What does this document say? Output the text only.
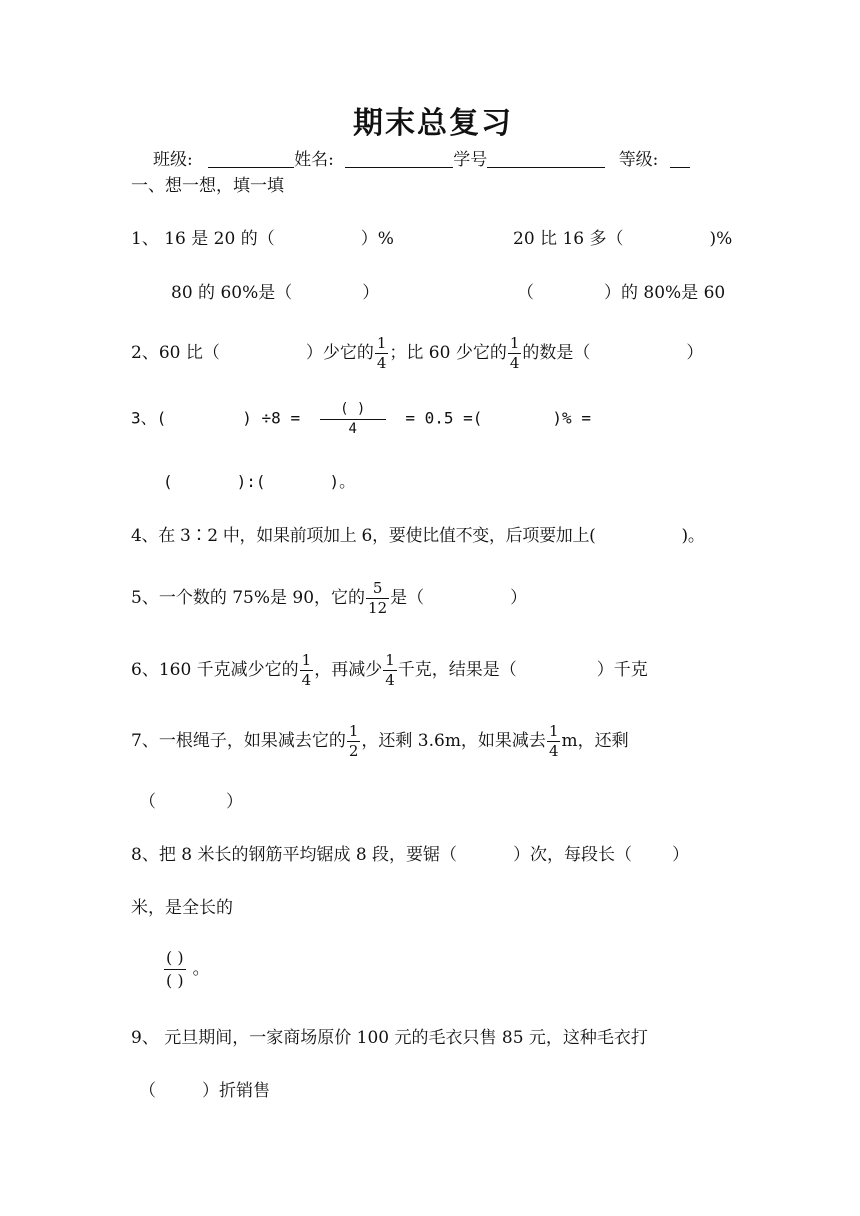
期末总复习
班级:	姓名:	学号	等级:
一、想一想，填一填
1、 16 是 20 的（	）%	20 比 16 多（	)%
80 的 60%是（	）	（	）的 80%是 60
2、60 比（	）少它的 $\frac{1}{4}$ ；比 60 少它的 $\frac{1}{4}$ 的数是（	）
3、(	) $\div 8 = \frac{( )}{4} = 0.5$ =(	)% =
(	):(	)。
4、在 3∶2 中，如果前项加上 6，要使比值不变，后项要加上(	)。
5、一个数的 75%是 90，它的 $\frac{5}{12}$ 是（	）
6、160 千克减少它的 $\frac{1}{4}$ ，再减少 $\frac{1}{4}$ 千克，结果是（	）千克
7、一根绳子，如果减去它的 $\frac{1}{2}$ ，还剩 3.6m，如果减去 $\frac{1}{4}$ m，还剩
（	）
8、把 8 米长的钢筋平均锯成 8 段，要锯（	）次，每段长（ ）
米，是全长的
$\frac{( )}{( )}$ 。
9、 元旦期间，一家商场原价 100 元的毛衣只售 85 元，这种毛衣打
（	）折销售
